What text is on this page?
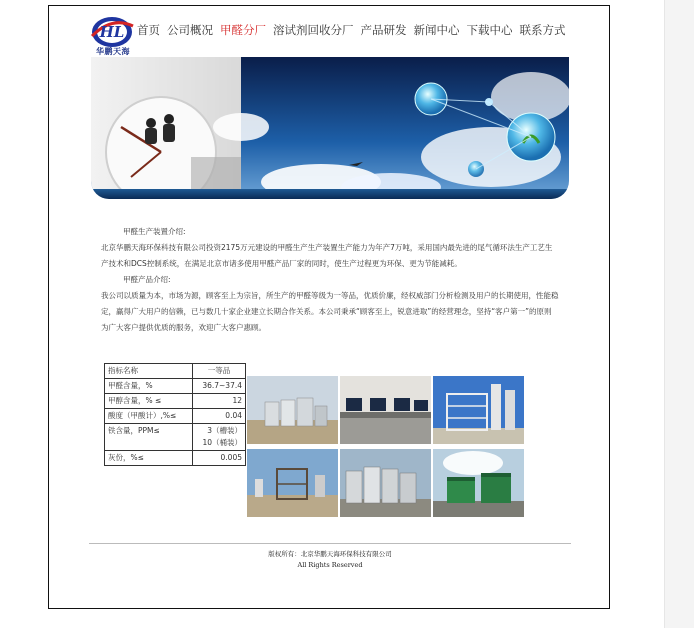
HL
华鹏天海
首页 公司概况 甲醛分厂 溶试剂回收分厂 产品研发 新闻中心 下载中心 联系方式
甲醛生产装置介绍:

北京华鹏天海环保科技有限公司投资2175万元建设的甲醛生产生产装置生产能力为年产7万吨，采用国内最先进的尾气循环法生产工艺生产技术和DCS控制系统，在满足北京市诸多使用甲醛产品厂家的同时，使生产过程更为环保、更为节能减耗。

甲醛产品介绍:

我公司以质量为本，市场为源，顾客至上为宗旨，所生产的甲醛等级为一等品，优质价廉，经权威部门分析检测及用户的长期使用，性能稳定，赢得广大用户的信赖，已与数几十家企业建立长期合作关系。本公司秉承“顾客至上，锐意进取”的经营理念，坚持“客户第一”的原则为广大客户提供优质的服务，欢迎广大客户惠顾。

指标名称	一等品
甲醛含量，%	36.7~37.4
甲醇含量，% ≤	12
酸度（甲酸计）,%≤	0.04
铁含量，PPM≤	3（槽装）
10（桶装）
灰份，%≤	0.005
版权所有：北京华鹏天海环保科技有限公司
All Rights Reserved
